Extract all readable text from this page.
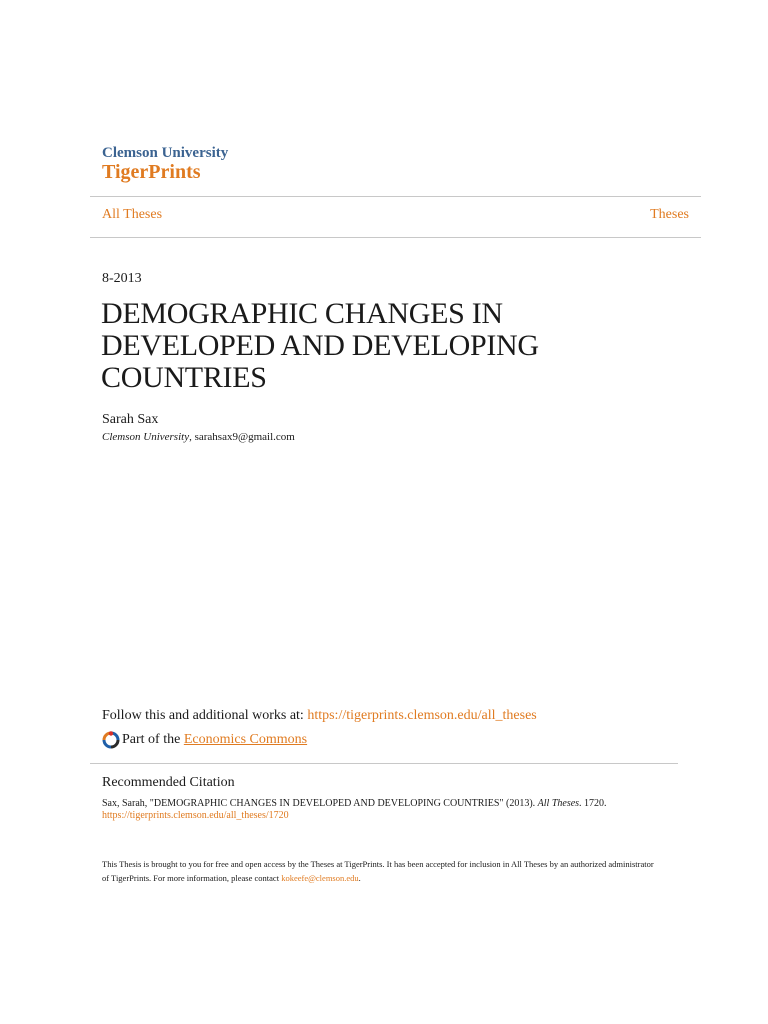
Clemson University
TigerPrints
All Theses	Theses
8-2013
DEMOGRAPHIC CHANGES IN DEVELOPED AND DEVELOPING COUNTRIES
Sarah Sax
Clemson University, sarahsax9@gmail.com
Follow this and additional works at: https://tigerprints.clemson.edu/all_theses
Part of the
Economics Commons
Recommended Citation
Sax, Sarah, "DEMOGRAPHIC CHANGES IN DEVELOPED AND DEVELOPING COUNTRIES" (2013). All Theses. 1720.
https://tigerprints.clemson.edu/all_theses/1720
This Thesis is brought to you for free and open access by the Theses at TigerPrints. It has been accepted for inclusion in All Theses by an authorized administrator of TigerPrints. For more information, please contact kokeefe@clemson.edu.
